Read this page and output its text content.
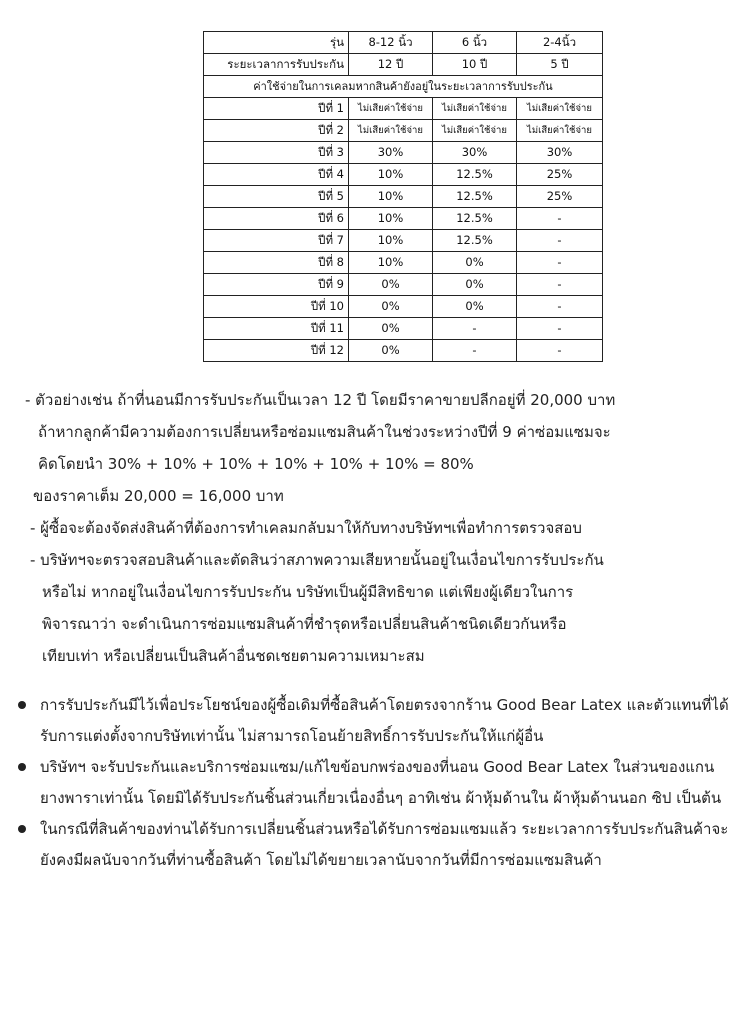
รุ่น	8-12 นิ้ว	6 นิ้ว	2-4นิ้ว
ระยะเวลาการรับประกัน	12 ปี	10 ปี	5 ปี
ค่าใช้จ่ายในการเคลมหากสินค้ายังอยู่ในระยะเวลาการรับประกัน			
ปีที่ 1	ไม่เสียค่าใช้จ่าย	ไม่เสียค่าใช้จ่าย	ไม่เสียค่าใช้จ่าย
ปีที่ 2	ไม่เสียค่าใช้จ่าย	ไม่เสียค่าใช้จ่าย	ไม่เสียค่าใช้จ่าย
ปีที่ 3	30%	30%	30%
ปีที่ 4	10%	12.5%	25%
ปีที่ 5	10%	12.5%	25%
ปีที่ 6	10%	12.5%	-
ปีที่ 7	10%	12.5%	-
ปีที่ 8	10%	0%	-
ปีที่ 9	0%	0%	-
ปีที่ 10	0%	0%	-
ปีที่ 11	0%	-	-
ปีที่ 12	0%	-	-

- ตัวอย่างเช่น ถ้าที่นอนมีการรับประกันเป็นเวลา 12 ปี โดยมีราคาขายปลีกอยู่ที่ 20,000 บาท

ถ้าหากลูกค้ามีความต้องการเปลี่ยนหรือซ่อมแซมสินค้าในช่วงระหว่างปีที่ 9 ค่าซ่อมแซมจะ

คิดโดยนำ 30% + 10% + 10% + 10% + 10% + 10% = 80%

ของราคาเต็ม 20,000 = 16,000 บาท

- ผู้ซื้อจะต้องจัดส่งสินค้าที่ต้องการทำเคลมกลับมาให้กับทางบริษัทฯเพื่อทำการตรวจสอบ

- บริษัทฯจะตรวจสอบสินค้าและตัดสินว่าสภาพความเสียหายนั้นอยู่ในเงื่อนไขการรับประกัน

หรือไม่ หากอยู่ในเงื่อนไขการรับประกัน บริษัทเป็นผู้มีสิทธิขาด แต่เพียงผู้เดียวในการ

พิจารณาว่า จะดำเนินการซ่อมแซมสินค้าที่ชำรุดหรือเปลี่ยนสินค้าชนิดเดียวกันหรือ

เทียบเท่า หรือเปลี่ยนเป็นสินค้าอื่นชดเชยตามความเหมาะสม

การรับประกันมีไว้เพื่อประโยชน์ของผู้ซื้อเดิมที่ซื้อสินค้าโดยตรงจากร้าน Good Bear Latex และตัวแทนที่ได้รับการแต่งตั้งจากบริษัทเท่านั้น ไม่สามารถโอนย้ายสิทธิ์การรับประกันให้แก่ผู้อื่น
บริษัทฯ จะรับประกันและบริการซ่อมแซม/แก้ไขข้อบกพร่องของที่นอน Good Bear Latex ในส่วนของแกนยางพาราเท่านั้น โดยมิได้รับประกันชิ้นส่วนเกี่ยวเนื่องอื่นๆ อาทิเช่น ผ้าหุ้มด้านใน ผ้าหุ้มด้านนอก ซิป เป็นต้น
ในกรณีที่สินค้าของท่านได้รับการเปลี่ยนชิ้นส่วนหรือได้รับการซ่อมแซมแล้ว ระยะเวลาการรับประกันสินค้าจะยังคงมีผลนับจากวันที่ท่านซื้อสินค้า โดยไม่ได้ขยายเวลานับจากวันที่มีการซ่อมแซมสินค้า
